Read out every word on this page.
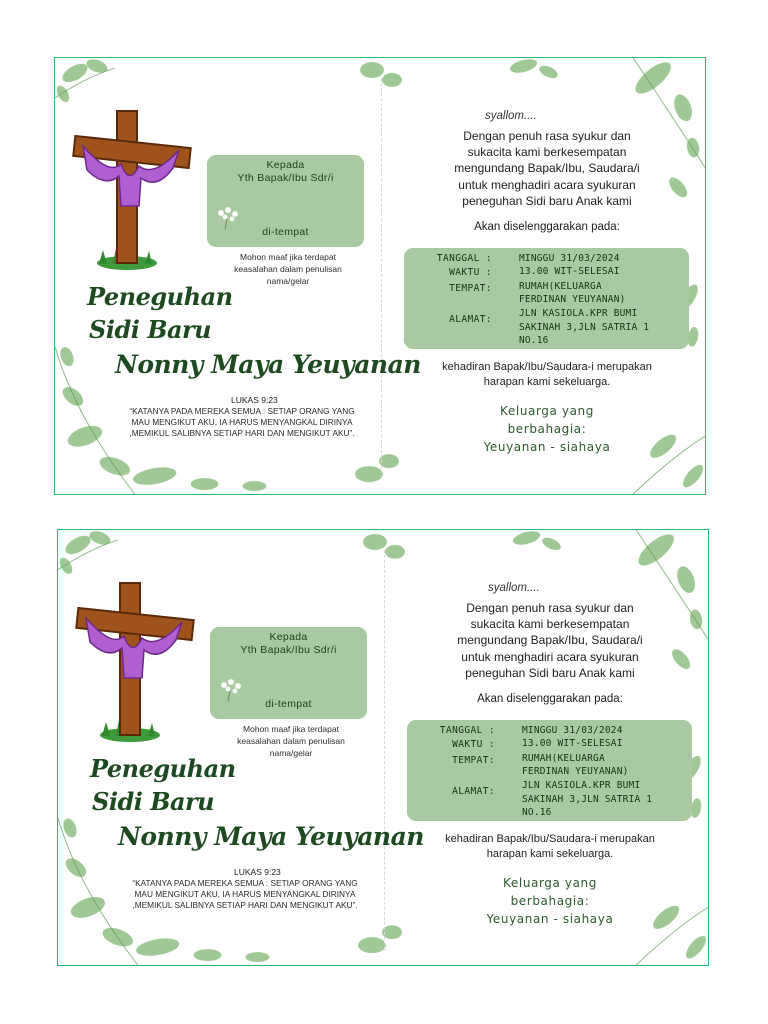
Kepada
Yth Bapak/Ibu Sdr/i
di-tempat
Mohon maaf jika terdapat
keasalahan dalam penulisan
nama/gelar
Peneguhan
Sidi Baru
Nonny Maya Yeuyanan
LUKAS 9:23
“KATANYA PADA MEREKA SEMUA : SETIAP ORANG YANG
MAU MENGIKUT AKU, IA HARUS MENYANGKAL DIRINYA
,MEMIKUL SALIBNYA SETIAP HARI DAN MENGIKUT AKU”.
syallom....
Dengan penuh rasa syukur dan
sukacita kami berkesempatan
mengundang Bapak/Ibu, Saudara/i
untuk menghadiri acara syukuran
peneguhan Sidi baru Anak kami
Akan diselenggarakan pada:
TANGGAL :	MINGGU 31/03/2024
WAKTU :	13.00 WIT-SELESAI
TEMPAT:	RUMAH(KELUARGA
FERDINAN YEUYANAN)
ALAMAT:
JLN KASIOLA.KPR BUMI
SAKINAH 3,JLN SATRIA 1
NO.16
kehadiran Bapak/Ibu/Saudara-i merupakan
harapan kami sekeluarga.
Keluarga yang
berbahagia:
Yeuyanan - siahaya
Kepada
Yth Bapak/Ibu Sdr/i
di-tempat
Mohon maaf jika terdapat
keasalahan dalam penulisan
nama/gelar
Peneguhan
Sidi Baru
Nonny Maya Yeuyanan
LUKAS 9:23
“KATANYA PADA MEREKA SEMUA : SETIAP ORANG YANG
MAU MENGIKUT AKU, IA HARUS MENYANGKAL DIRINYA
,MEMIKUL SALIBNYA SETIAP HARI DAN MENGIKUT AKU”.
syallom....
Dengan penuh rasa syukur dan
sukacita kami berkesempatan
mengundang Bapak/Ibu, Saudara/i
untuk menghadiri acara syukuran
peneguhan Sidi baru Anak kami
Akan diselenggarakan pada:
TANGGAL :	MINGGU 31/03/2024
WAKTU :	13.00 WIT-SELESAI
TEMPAT:	RUMAH(KELUARGA
FERDINAN YEUYANAN)
ALAMAT:
JLN KASIOLA.KPR BUMI
SAKINAH 3,JLN SATRIA 1
NO.16
kehadiran Bapak/Ibu/Saudara-i merupakan
harapan kami sekeluarga.
Keluarga yang
berbahagia:
Yeuyanan - siahaya
